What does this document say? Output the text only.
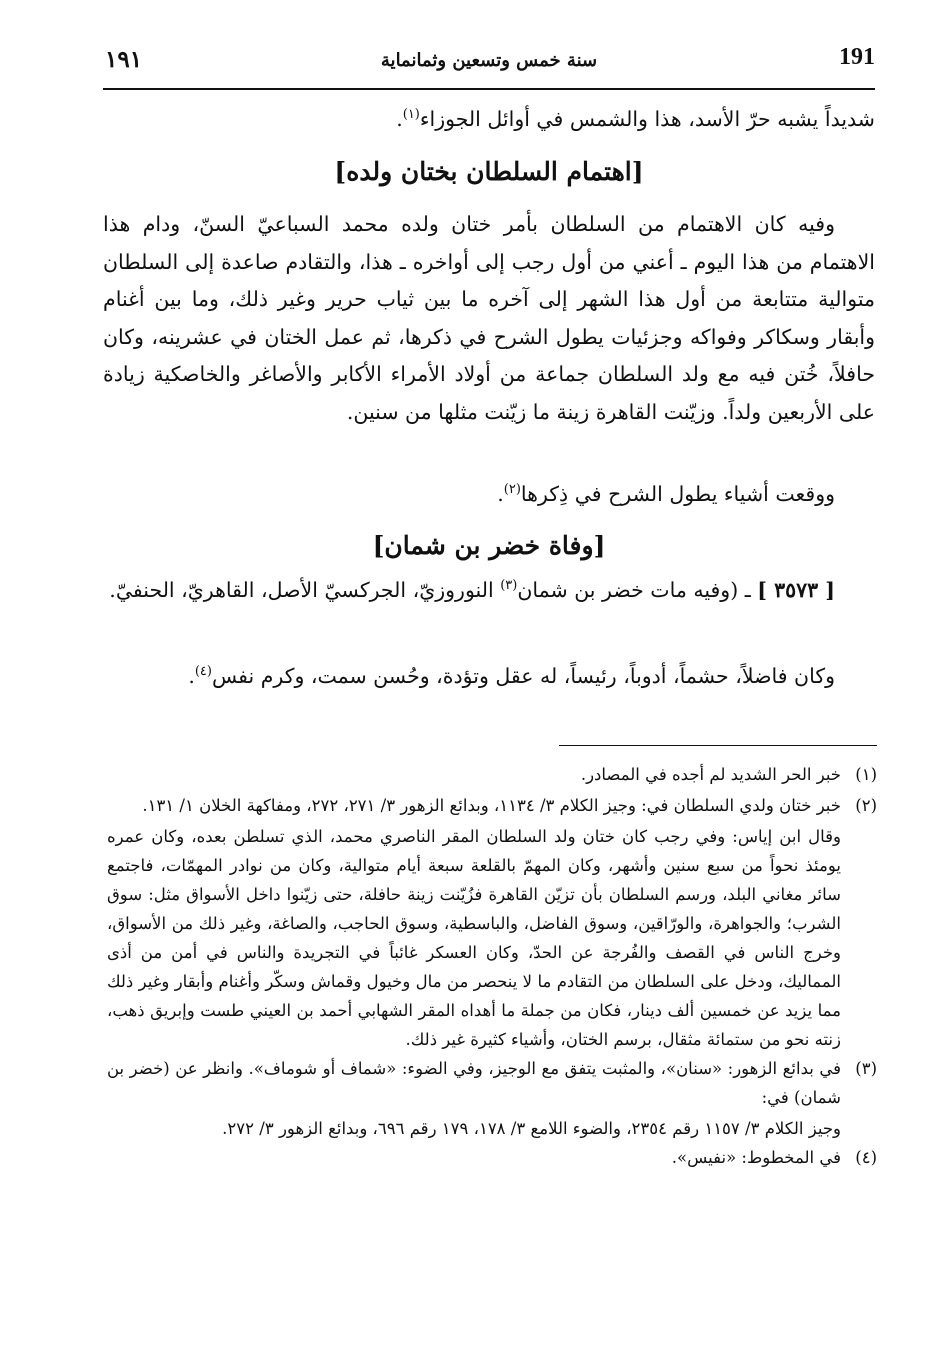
191
سنة خمس وتسعين وثمانماية
١٩١
شديداً يشبه حرّ الأسد، هذا والشمس في أوائل الجوزاء$^{(١)}$.
[اهتمام السلطان بختان ولده]
وفيه كان الاهتمام من السلطان بأمر ختان ولده محمد السباعيّ السنّ، ودام هذا الاهتمام من هذا اليوم ـ أعني من أول رجب إلى أواخره ـ هذا، والتقادم صاعدة إلى السلطان متوالية متتابعة من أول هذا الشهر إلى آخره ما بين ثياب حرير وغير ذلك، وما بين أغنام وأبقار وسكاكر وفواكه وجزئيات يطول الشرح في ذكرها، ثم عمل الختان في عشرينه، وكان حافلاً، خُتن فيه مع ولد السلطان جماعة من أولاد الأمراء الأكابر والأصاغر والخاصكية زيادة على الأربعين ولداً. وزيّنت القاهرة زينة ما زيّنت مثلها من سنين.
ووقعت أشياء يطول الشرح في ذِكرها$^{(٢)}$.
[وفاة خضر بن شمان]
[ ٣٥٧٣ ] ـ (وفيه مات خضر بن شمان$^{(٣)}$ النوروزيّ، الجركسيّ الأصل، القاهريّ، الحنفيّ.
وكان فاضلاً، حشماً، أدوباً، رئيساً، له عقل وتؤدة، وحُسن سمت، وكرم نفس$^{(٤)}$.
(١)
خبر الحر الشديد لم أجده في المصادر.
(٢)
خبر ختان ولدي السلطان في: وجيز الكلام ٣/ ١١٣٤، وبدائع الزهور ٣/ ٢٧١، ٢٧٢، ومفاكهة الخلان ١/ ١٣١.
وقال ابن إياس: وفي رجب كان ختان ولد السلطان المقر الناصري محمد، الذي تسلطن بعده، وكان عمره يومئذ نحواً من سبع سنين وأشهر، وكان المهمّ بالقلعة سبعة أيام متوالية، وكان من نوادر المهمّات، فاجتمع سائر مغاني البلد، ورسم السلطان بأن تزيّن القاهرة فزُيّنت زينة حافلة، حتى زيّنوا داخل الأسواق مثل: سوق الشرب؛ والجواهرة، والورّاقين، وسوق الفاضل، والباسطية، وسوق الحاجب، والصاغة، وغير ذلك من الأسواق، وخرج الناس في القصف والفُرجة عن الحدّ، وكان العسكر غائباً في التجريدة والناس في أمن من أذى المماليك، ودخل على السلطان من التقادم ما لا ينحصر من مال وخيول وقماش وسكّر وأغنام وأبقار وغير ذلك مما يزيد عن خمسين ألف دينار، فكان من جملة ما أهداه المقر الشهابي أحمد بن العيني طست وإبريق ذهب، زنته نحو من ستمائة مثقال، برسم الختان، وأشياء كثيرة غير ذلك.
(٣)
في بدائع الزهور: «سنان»، والمثبت يتفق مع الوجيز، وفي الضوء: «شماف أو شوماف». وانظر عن (خضر بن شمان) في:
وجيز الكلام ٣/ ١١٥٧ رقم ٢٣٥٤، والضوء اللامع ٣/ ١٧٨، ١٧٩ رقم ٦٩٦، وبدائع الزهور ٣/ ٢٧٢.
(٤)
في المخطوط: «نفيس».
